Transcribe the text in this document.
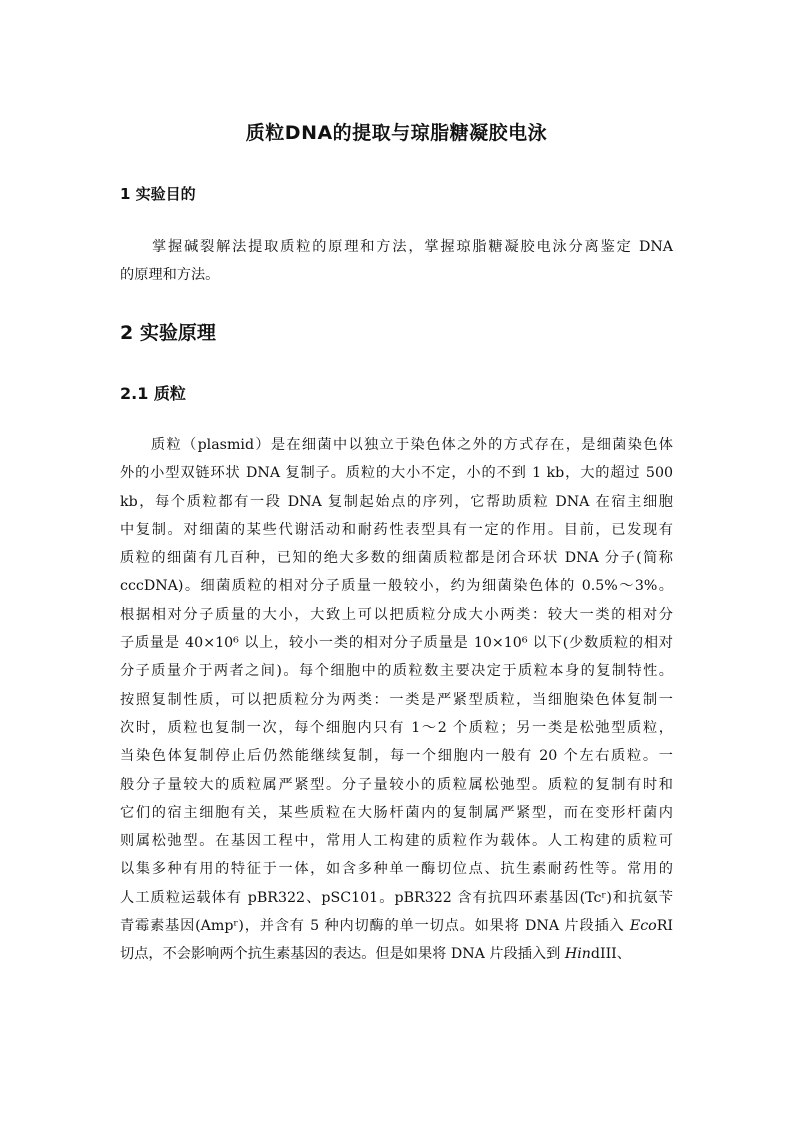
质粒DNA的提取与琼脂糖凝胶电泳
1 实验目的

　　掌握碱裂解法提取质粒的原理和方法，掌握琼脂糖凝胶电泳分离鉴定 DNA
的原理和方法。

2 实验原理
2.1 质粒

　　质粒（plasmid）是在细菌中以独立于染色体之外的方式存在，是细菌染色体
外的小型双链环状 DNA 复制子。质粒的大小不定，小的不到 1 kb，大的超过 500
kb，每个质粒都有一段 DNA 复制起始点的序列，它帮助质粒 DNA 在宿主细胞
中复制。对细菌的某些代谢活动和耐药性表型具有一定的作用。目前，已发现有
质粒的细菌有几百种，已知的绝大多数的细菌质粒都是闭合环状 DNA 分子(简称
cccDNA)。细菌质粒的相对分子质量一般较小，约为细菌染色体的 0.5%～3%。
根据相对分子质量的大小，大致上可以把质粒分成大小两类：较大一类的相对分
子质量是 40×10⁶ 以上，较小一类的相对分子质量是 10×10⁶ 以下(少数质粒的相对
分子质量介于两者之间)。每个细胞中的质粒数主要决定于质粒本身的复制特性。
按照复制性质，可以把质粒分为两类：一类是严紧型质粒，当细胞染色体复制一
次时，质粒也复制一次，每个细胞内只有 1～2 个质粒；另一类是松弛型质粒，
当染色体复制停止后仍然能继续复制，每一个细胞内一般有 20 个左右质粒。一
般分子量较大的质粒属严紧型。分子量较小的质粒属松弛型。质粒的复制有时和
它们的宿主细胞有关，某些质粒在大肠杆菌内的复制属严紧型，而在变形杆菌内
则属松弛型。在基因工程中，常用人工构建的质粒作为载体。人工构建的质粒可
以集多种有用的特征于一体，如含多种单一酶切位点、抗生素耐药性等。常用的
人工质粒运载体有 pBR322、pSC101。pBR322 含有抗四环素基因(Tcʳ)和抗氨苄
青霉素基因(Ampʳ)，并含有 5 种内切酶的单一切点。如果将 DNA 片段插入 EcoRI
切点，不会影响两个抗生素基因的表达。但是如果将 DNA 片段插入到 HindIII、
